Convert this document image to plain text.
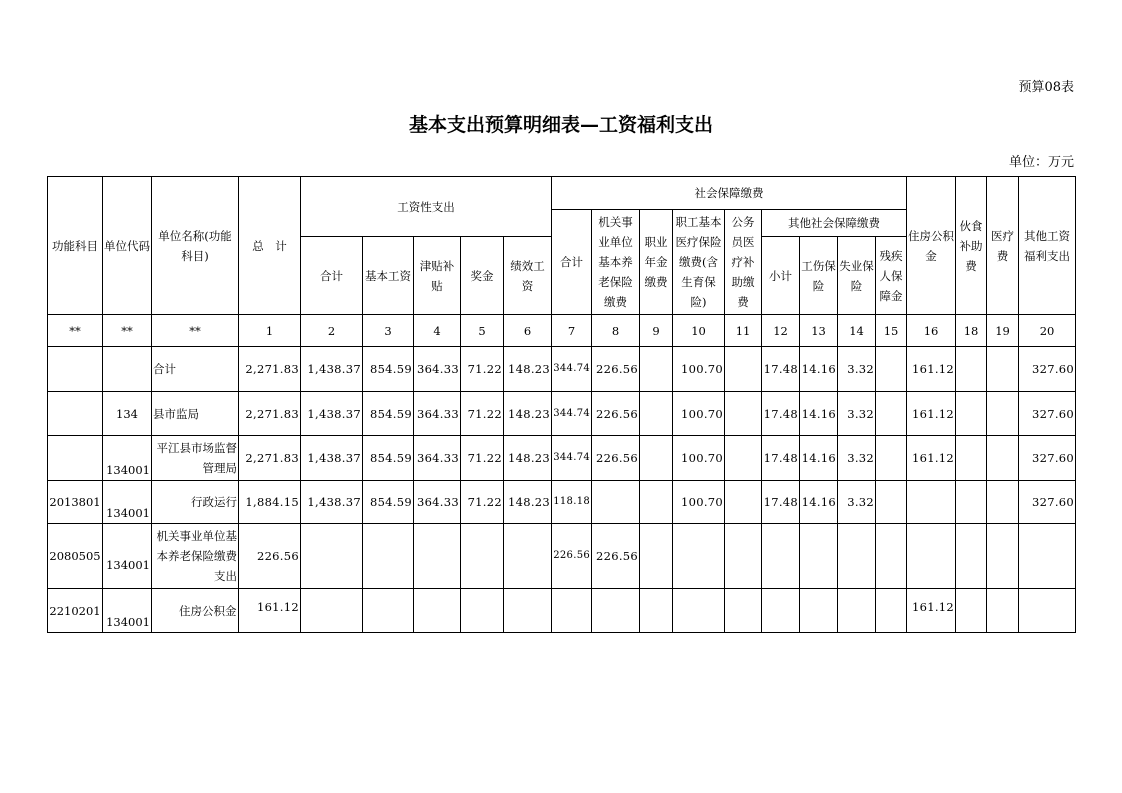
预算08表
基本支出预算明细表—工资福利支出
单位：万元
功能科目	单位代码	单位名称(功能科目)	总　计	工资性支出					社会保障缴费									住房公积金	伙食补助费	医疗费	其他工资福利支出
									合计	机关事业单位基本养老保险缴费	职业年金缴费	职工基本医疗保险缴费(含生育保险)	公务员医疗补助缴费	其他社会保障缴费							
				合计	基本工资	津贴补贴	奖金	绩效工资						小计	工伤保险	失业保险	残疾人保障金				
**	**	**	1	2	3	4	5	6	7	8	9	10	11	12	13	14	15	16	18	19	20
		合计	2,271.83	1,438.37	854.59	364.33	71.22	148.23	344.74	226.56		100.70		17.48	14.16	3.32		161.12			327.60
	134	县市监局	2,271.83	1,438.37	854.59	364.33	71.22	148.23	344.74	226.56		100.70		17.48	14.16	3.32		161.12			327.60
	134001	平江县市场监督管理局	2,271.83	1,438.37	854.59	364.33	71.22	148.23	344.74	226.56		100.70		17.48	14.16	3.32		161.12			327.60
2013801	134001	行政运行	1,884.15	1,438.37	854.59	364.33	71.22	148.23	118.18			100.70		17.48	14.16	3.32					327.60
2080505	134001	机关事业单位基本养老保险缴费支出	226.56						226.56	226.56											
2210201	134001	住房公积金	161.12															161.12			
